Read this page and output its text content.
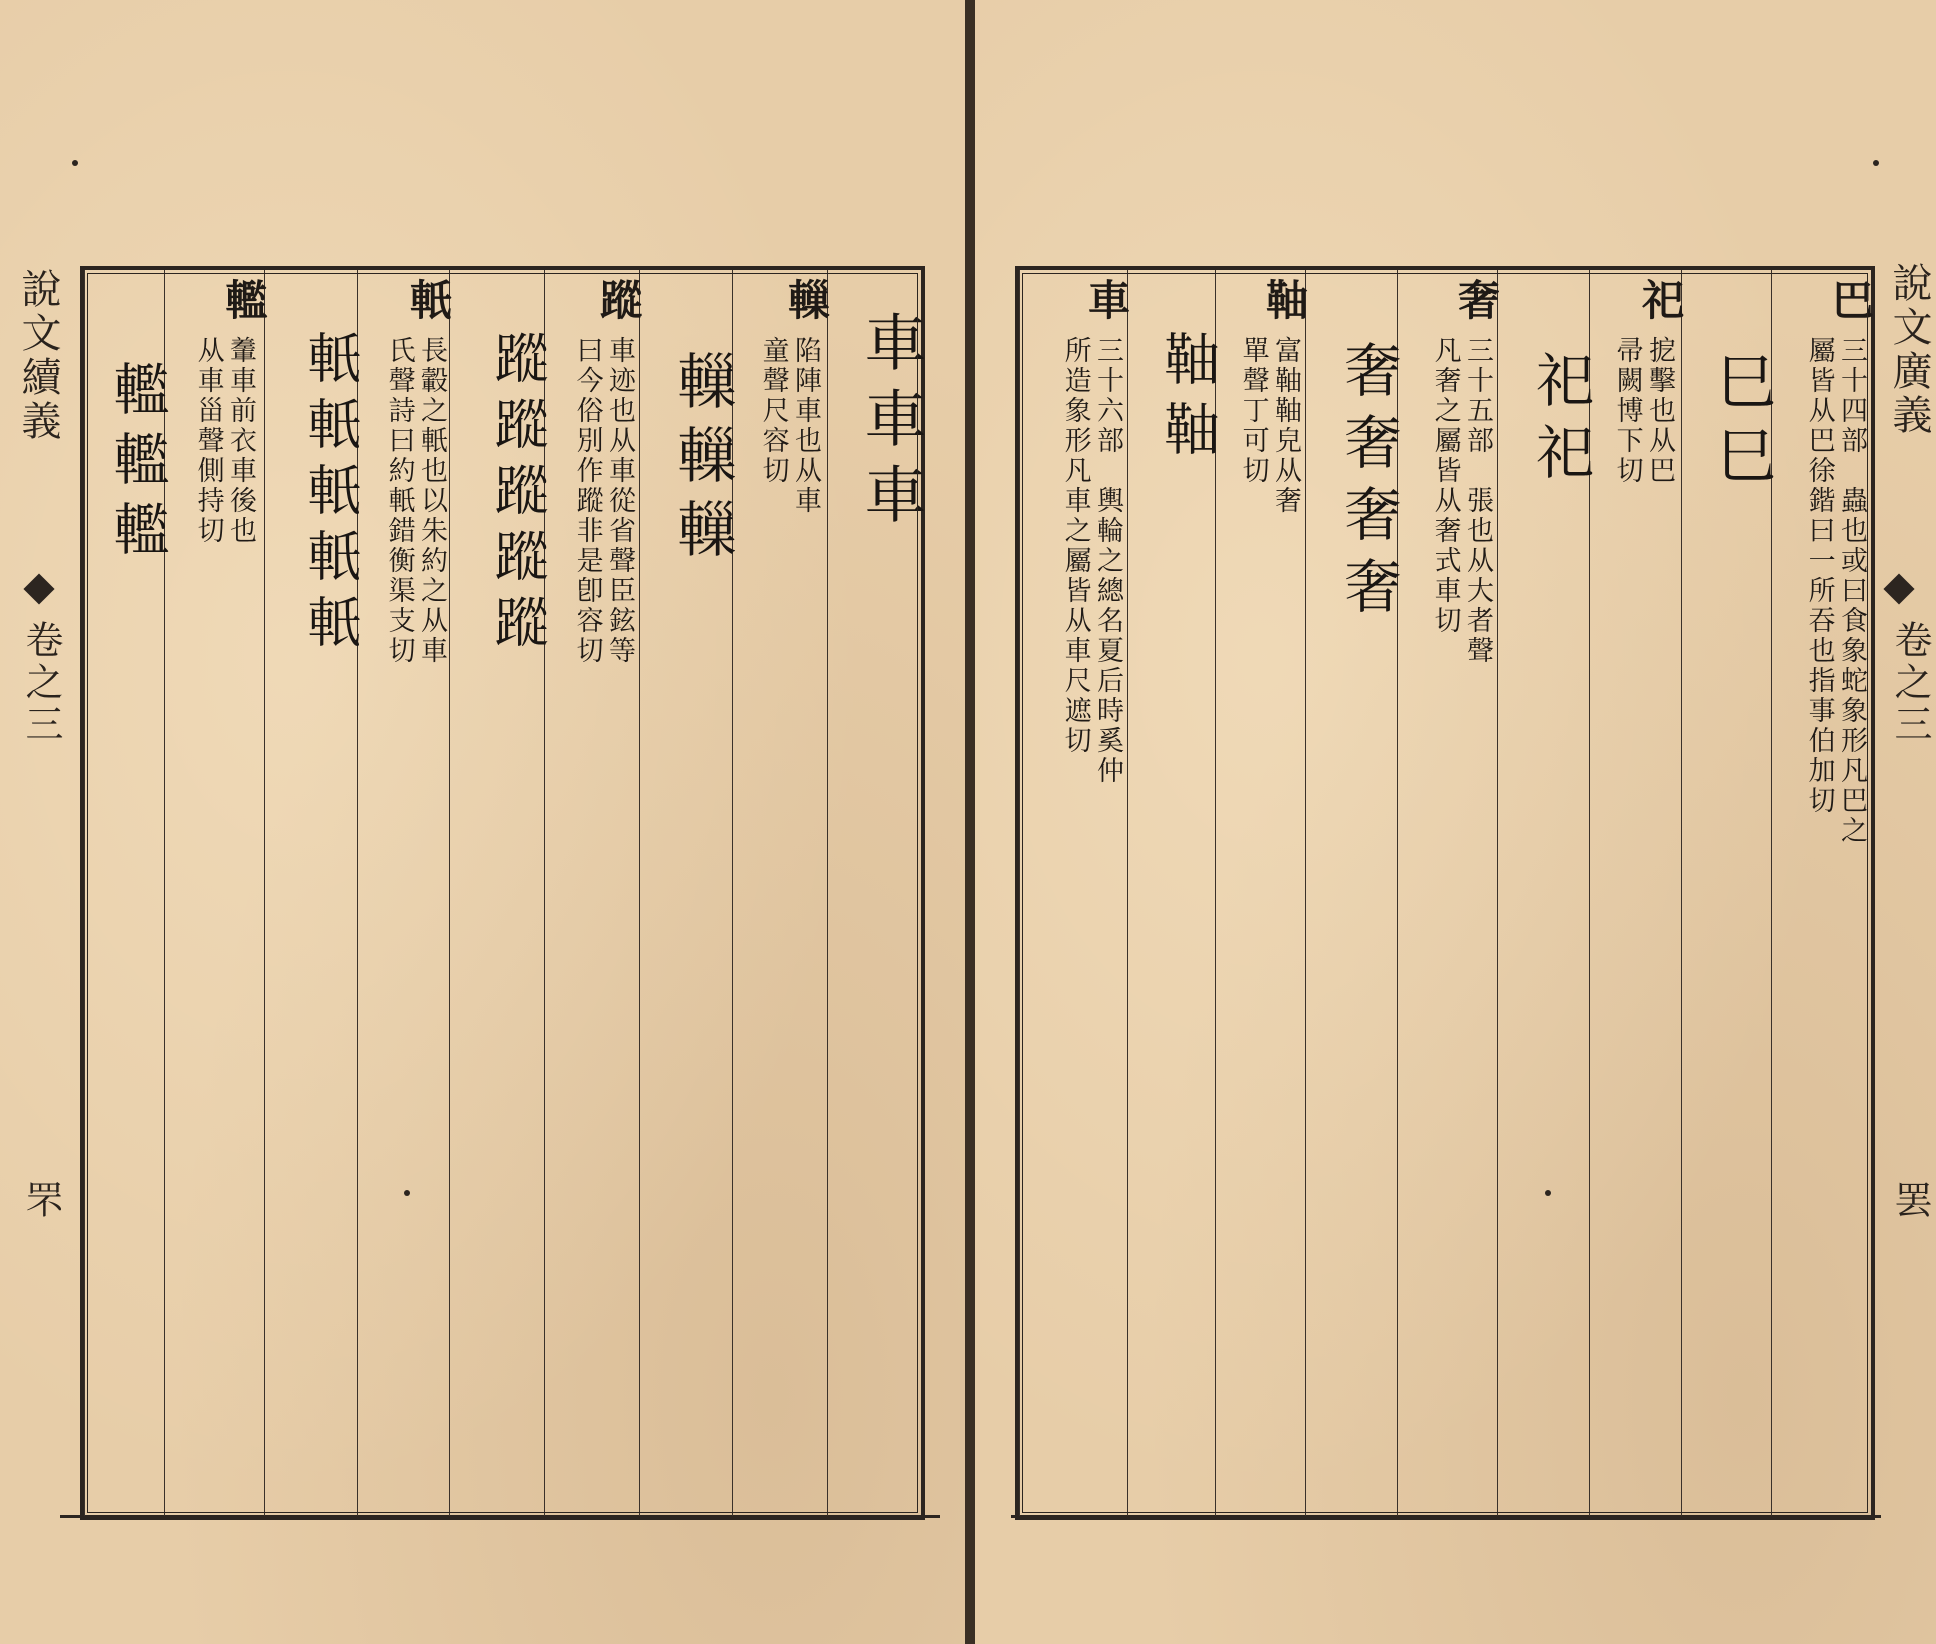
說文續義
卷之三
罘
車車車
轈
陷陣車也从車
童聲尺容切
轈轈轈
蹤
車迹也从車從省聲臣鉉等
曰今俗別作蹤非是卽容切
蹤蹤蹤蹤蹤
軝
長轂之軝也以朱約之从車
氏聲詩曰約軝錯衡渠支切
軝軝軝軝軝
轞
䡨車前衣車後也
从車甾聲側持切
轞轞轞
說文廣義
卷之三
罢
巴
三十四部　蟲也或曰食象蛇象形凡巴之
屬皆从巴徐鍇曰一所吞也指事伯加切
巳巳
祀
㧖擊也从巴
帚闕博下切
祀祀
奢
三十五部　張也从大者聲
凡奢之屬皆从奢式車切
奢奢奢奢
䩜
富䩜䩜皃从奢
單聲丁可切
䩜䩜
車
三十六部　輿輪之總名夏后時奚仲
所造象形凡車之屬皆从車尺遮切
